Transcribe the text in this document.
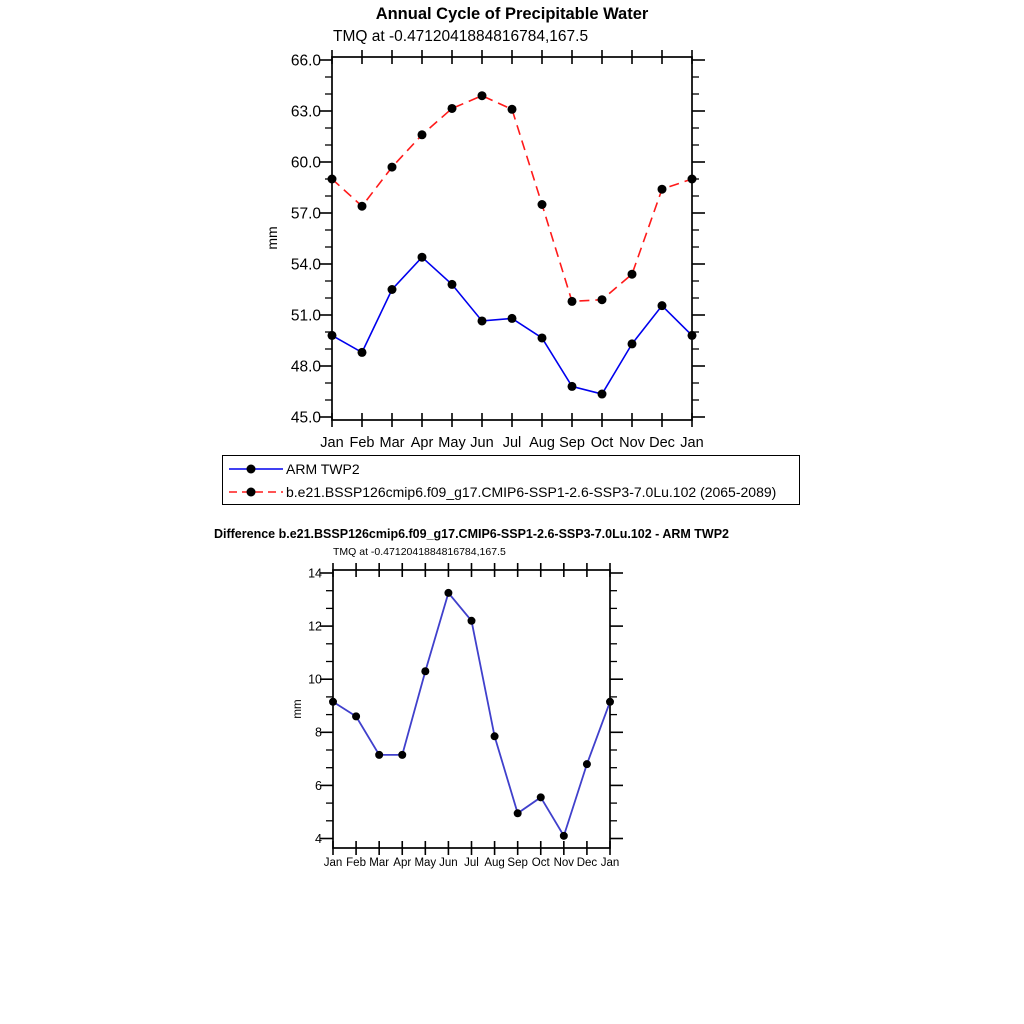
Annual Cycle of Precipitable Water
TMQ at -0.4712041884816784,167.5
45.0
48.0
51.0
54.0
57.0
60.0
63.0
66.0
Jan Feb Mar Apr May Jun Jul Aug Sep Oct Nov Dec Jan
mm
4
6
8
10
12
14
Jan Feb Mar Apr May Jun Jul Aug Sep Oct Nov Dec Jan
mm
ARM TWP2
b.e21.BSSP126cmip6.f09_g17.CMIP6-SSP1-2.6-SSP3-7.0Lu.102 (2065-2089)
Difference b.e21.BSSP126cmip6.f09_g17.CMIP6-SSP1-2.6-SSP3-7.0Lu.102 - ARM TWP2
TMQ at -0.4712041884816784,167.5
